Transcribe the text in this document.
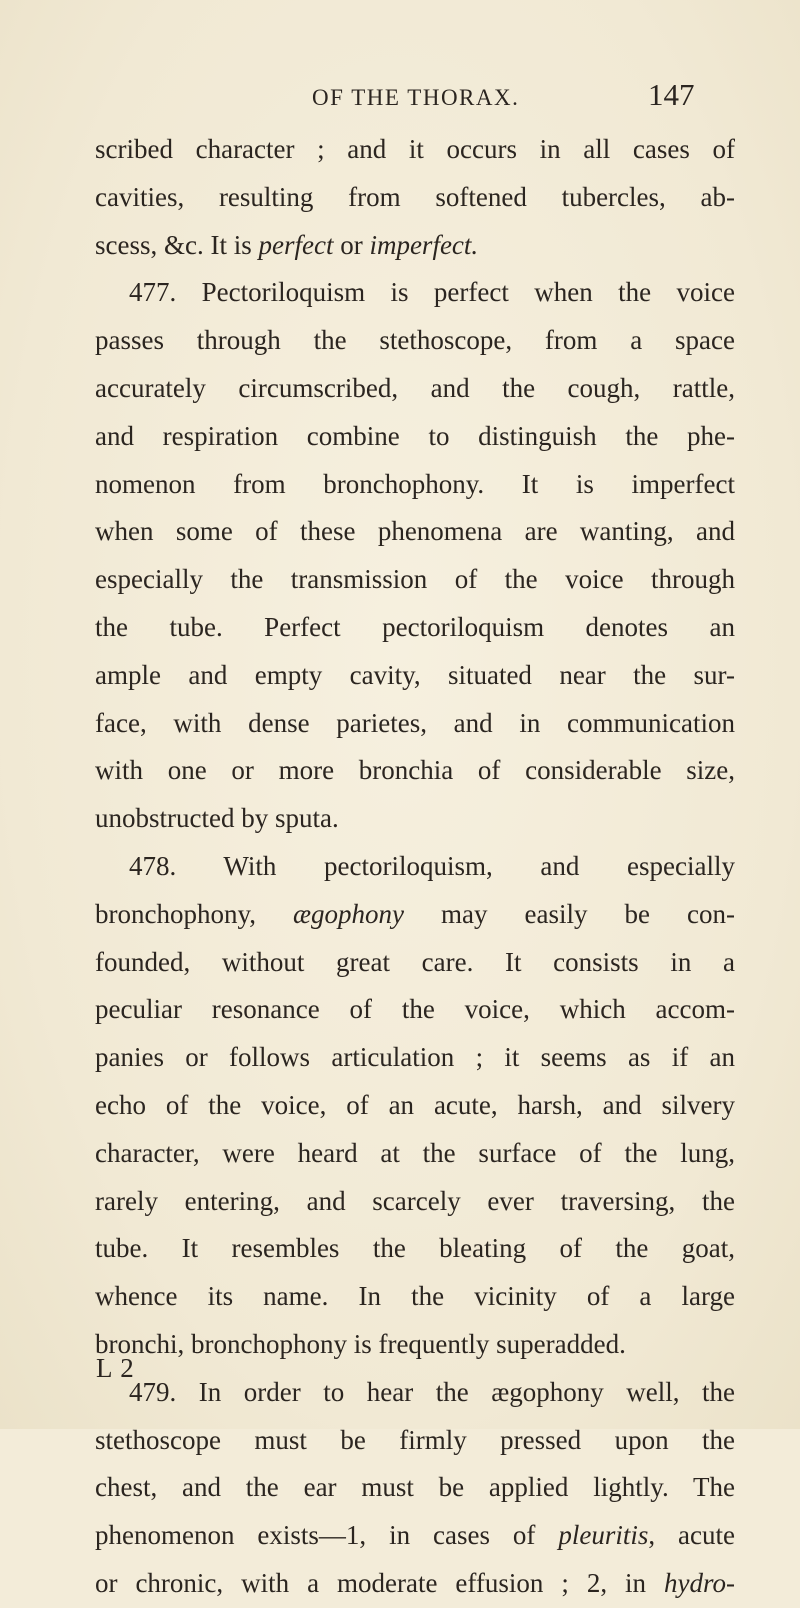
OF THE THORAX.	147
scribed character ; and it occurs in all cases of
cavities, resulting from softened tubercles, ab-
scess, &c. It is perfect or imperfect.
477. Pectoriloquism is perfect when the voice
passes through the stethoscope, from a space
accurately circumscribed, and the cough, rattle,
and respiration combine to distinguish the phe-
nomenon from bronchophony. It is imperfect
when some of these phenomena are wanting, and
especially the transmission of the voice through
the tube. Perfect pectoriloquism denotes an
ample and empty cavity, situated near the sur-
face, with dense parietes, and in communication
with one or more bronchia of considerable size,
unobstructed by sputa.
478. With pectoriloquism, and especially
bronchophony, ægophony may easily be con-
founded, without great care. It consists in a
peculiar resonance of the voice, which accom-
panies or follows articulation ; it seems as if an
echo of the voice, of an acute, harsh, and silvery
character, were heard at the surface of the lung,
rarely entering, and scarcely ever traversing, the
tube. It resembles the bleating of the goat,
whence its name. In the vicinity of a large
bronchi, bronchophony is frequently superadded.
479. In order to hear the ægophony well, the
stethoscope must be firmly pressed upon the
chest, and the ear must be applied lightly. The
phenomenon exists—1, in cases of pleuritis, acute
or chronic, with a moderate effusion ; 2, in hydro-
L 2
